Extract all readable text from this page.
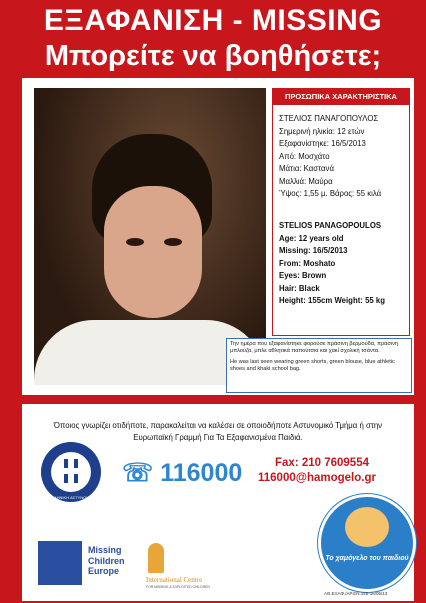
ΕΞΑΦΑΝΙΣΗ - MISSING
Μπορείτε να βοηθήσετε;
ΠΡΟΣΩΠΙΚΑ ΧΑΡΑΚΤΗΡΙΣΤΙΚΑ
ΣΤΕΛΙΟΣ ΠΑΝΑΓΟΠΟΥΛΟΣ
Σημερινή ηλικία: 12 ετών
Εξαφανίστηκε: 16/5/2013
Από: Μοσχάτο
Μάτια: Καστανά
Μαλλιά: Μαύρα
Ύψος: 1,55 μ. Βάρος: 55 κιλά
STELIOS PANAGOPOULOS
Age: 12 years old
Missing: 16/5/2013
From: Moshato
Eyes: Brown
Hair: Black
Height: 155cm Weight: 55 kg

Την ημέρα που εξαφανίστηκε φορούσε πράσινη βερμούδα, πράσινη μπλούζα, μπλε αθλητικά παπούτσια και χακί σχολική τσάντα.

He was last seen wearing green shorts, green blouse, blue athletic shoes and khaki school bag.

Όποιος γνωρίζει οτιδήποτε, παρακαλείται να καλέσει σε οποιοδήποτε Αστυνομικό Τμήμα ή στην
Ευρωπαϊκή Γραμμή Για Τα Εξαφανισμένα Παιδιά.
ΕΛΛΗΝΙΚΗ ΑΣΤΥΝΟΜΙΑ
☏ 116000	Fax: 210 7609554
116000@hamogelo.gr
Το χαμόγελο του παιδιού
Missing
Children
Europe
International Centre
FOR MISSING & EXPLOITED CHILDREN
ΑΘ.ΕΞΑΦ./ΑΡ.ΕΝ.155-16/05/13
